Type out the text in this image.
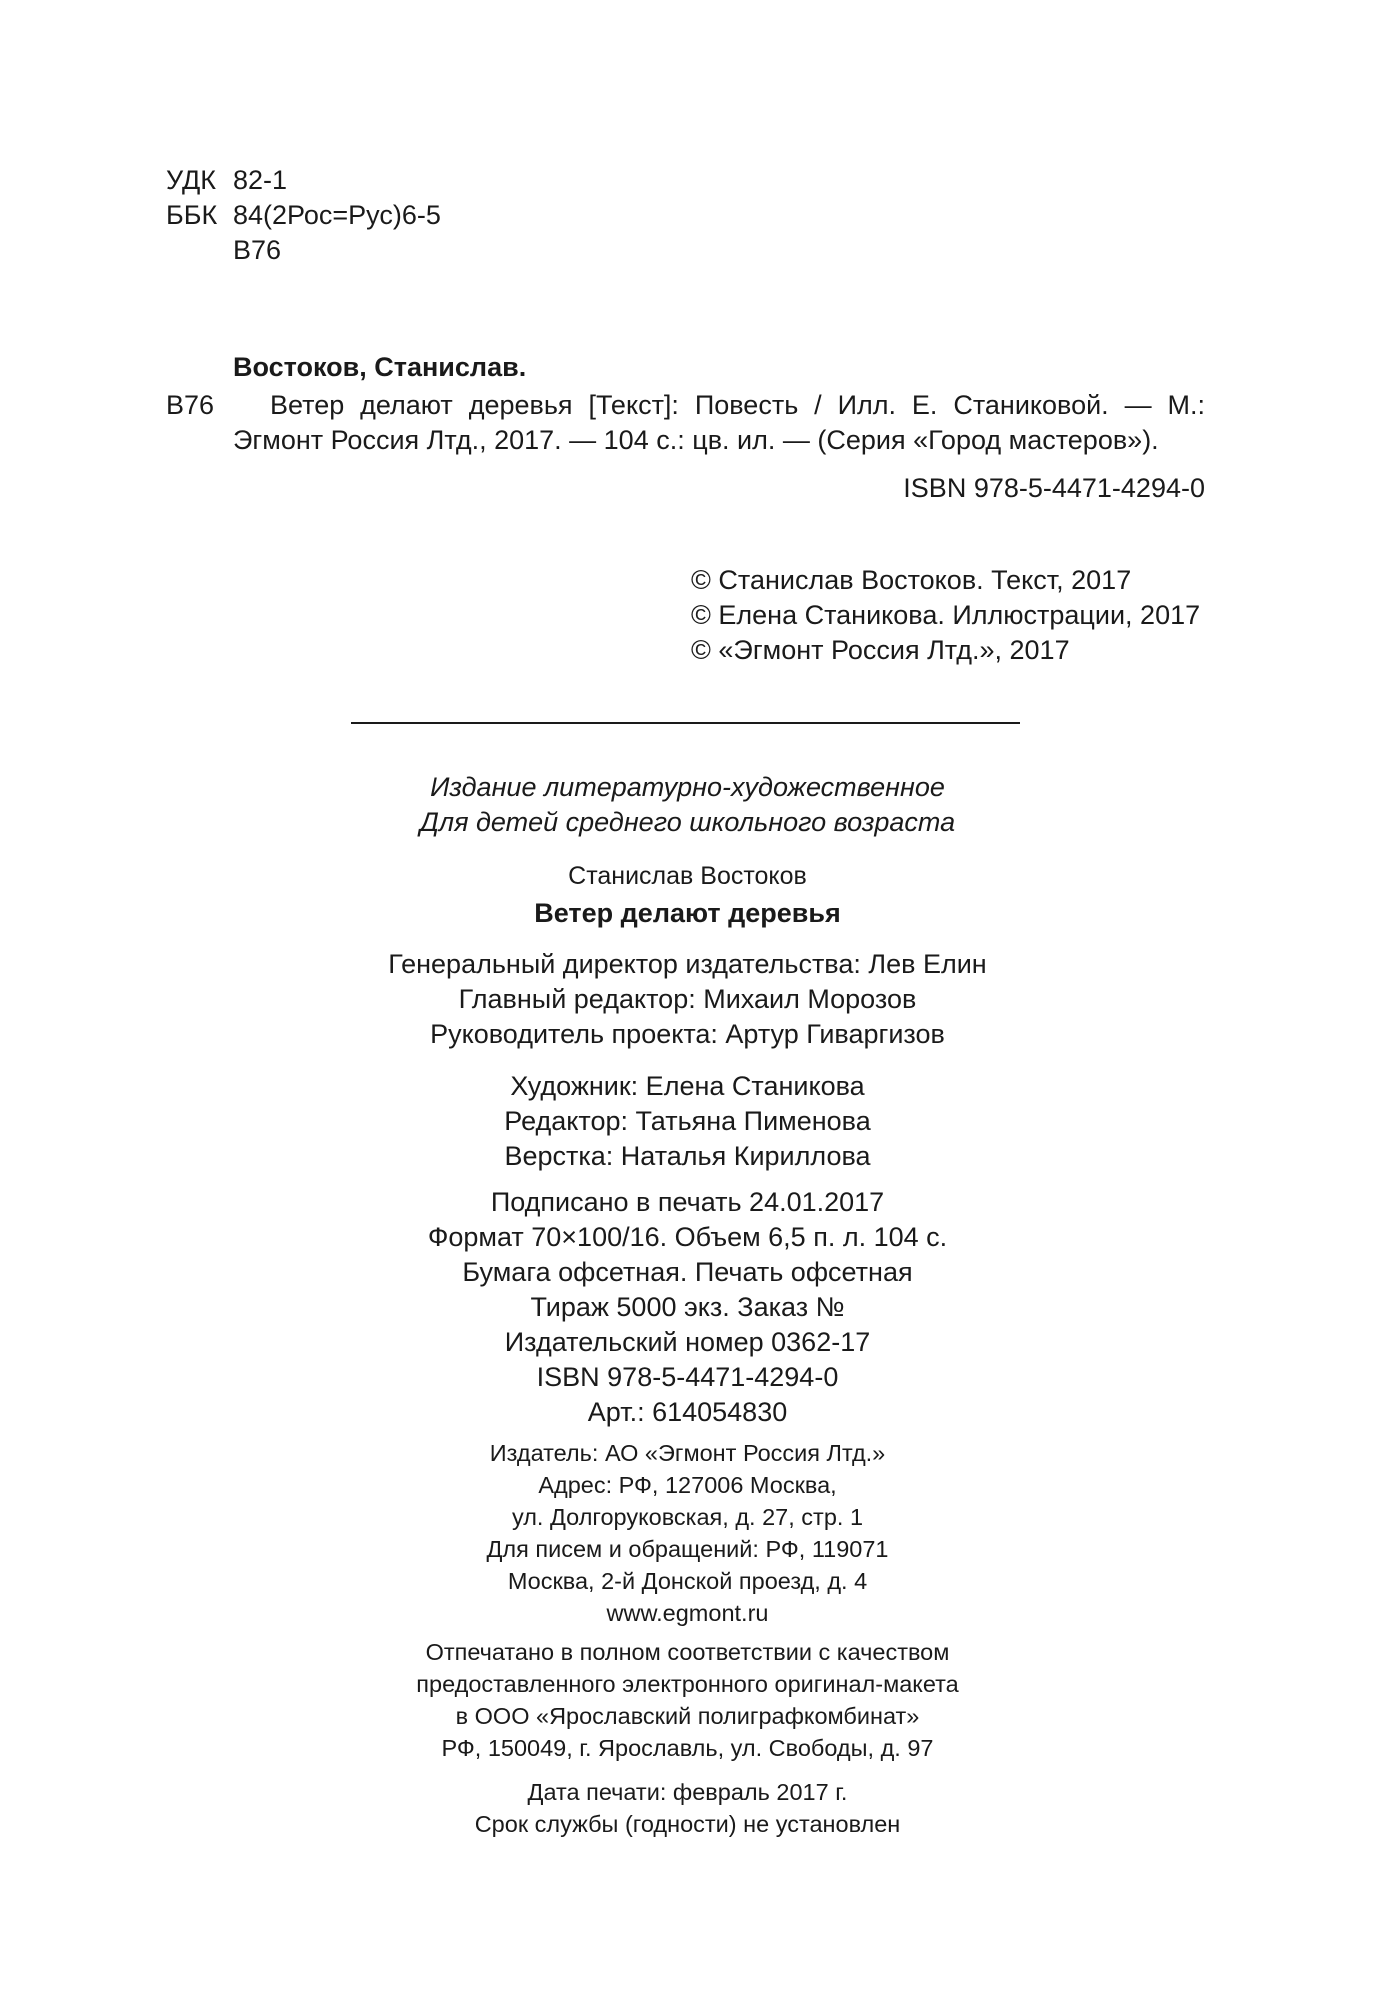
УДК 82-1
ББК 84(2Рос=Рус)6-5
В76
Востоков, Станислав.
В76 Ветер делают деревья [Текст]: Повесть / Илл. Е. Станиковой. — М.:
Эгмонт Россия Лтд., 2017. — 104 с.: цв. ил. — (Серия «Город мастеров»).
ISBN 978-5-4471-4294-0
© Станислав Востоков. Текст, 2017
© Елена Станикова. Иллюстрации, 2017
© «Эгмонт Россия Лтд.», 2017
Издание литературно-художественное
Для детей среднего школьного возраста
Станислав Востоков
Ветер делают деревья
Генеральный директор издательства: Лев Елин
Главный редактор: Михаил Морозов
Руководитель проекта: Артур Гиваргизов
Художник: Елена Станикова
Редактор: Татьяна Пименова
Верстка: Наталья Кириллова
Подписано в печать 24.01.2017
Формат 70×100/16. Объем 6,5 п. л. 104 с.
Бумага офсетная. Печать офсетная
Тираж 5000 экз. Заказ №
Издательский номер 0362-17
ISBN 978-5-4471-4294-0
Арт.: 614054830
Издатель: АО «Эгмонт Россия Лтд.»
Адрес: РФ, 127006 Москва,
ул. Долгоруковская, д. 27, стр. 1
Для писем и обращений: РФ, 119071
Москва, 2-й Донской проезд, д. 4
www.egmont.ru
Отпечатано в полном соответствии с качеством
предоставленного электронного оригинал-макета
в ООО «Ярославский полиграфкомбинат»
РФ, 150049, г. Ярославль, ул. Свободы, д. 97
Дата печати: февраль 2017 г.
Срок службы (годности) не установлен
